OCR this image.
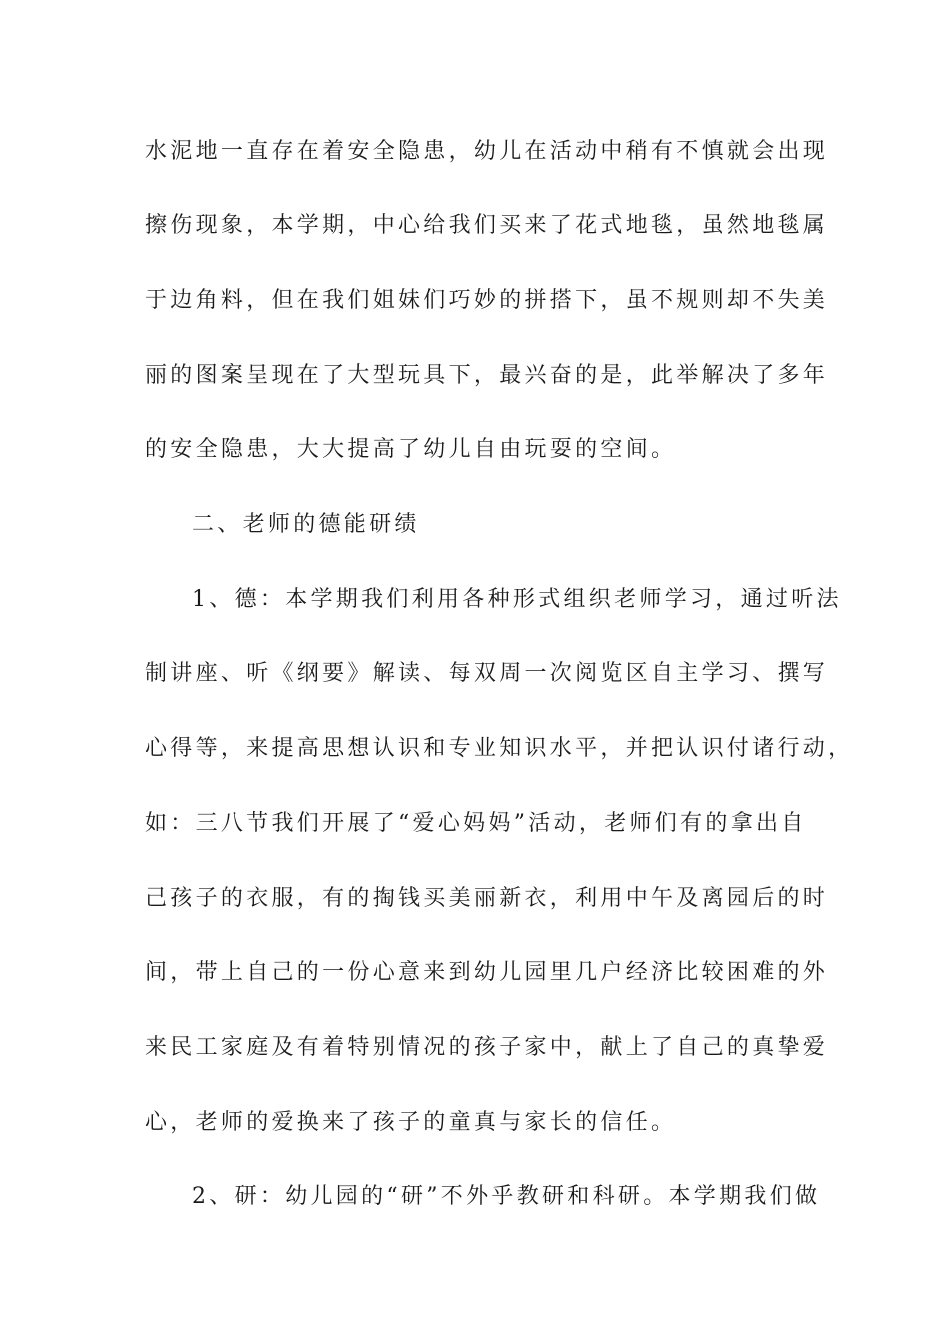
水泥地一直存在着安全隐患，幼儿在活动中稍有不慎就会出现
擦伤现象，本学期，中心给我们买来了花式地毯，虽然地毯属
于边角料，但在我们姐妹们巧妙的拼搭下，虽不规则却不失美
丽的图案呈现在了大型玩具下，最兴奋的是，此举解决了多年
的安全隐患，大大提高了幼儿自由玩耍的空间。
二、老师的德能研绩
1、德：本学期我们利用各种形式组织老师学习，通过听法
制讲座、听《纲要》解读、每双周一次阅览区自主学习、撰写
心得等，来提高思想认识和专业知识水平，并把认识付诸行动，
如：三八节我们开展了“爱心妈妈”活动，老师们有的拿出自
己孩子的衣服，有的掏钱买美丽新衣，利用中午及离园后的时
间，带上自己的一份心意来到幼儿园里几户经济比较困难的外
来民工家庭及有着特别情况的孩子家中，献上了自己的真挚爱
心，老师的爱换来了孩子的童真与家长的信任。
2、研：幼儿园的“研”不外乎教研和科研。本学期我们做
